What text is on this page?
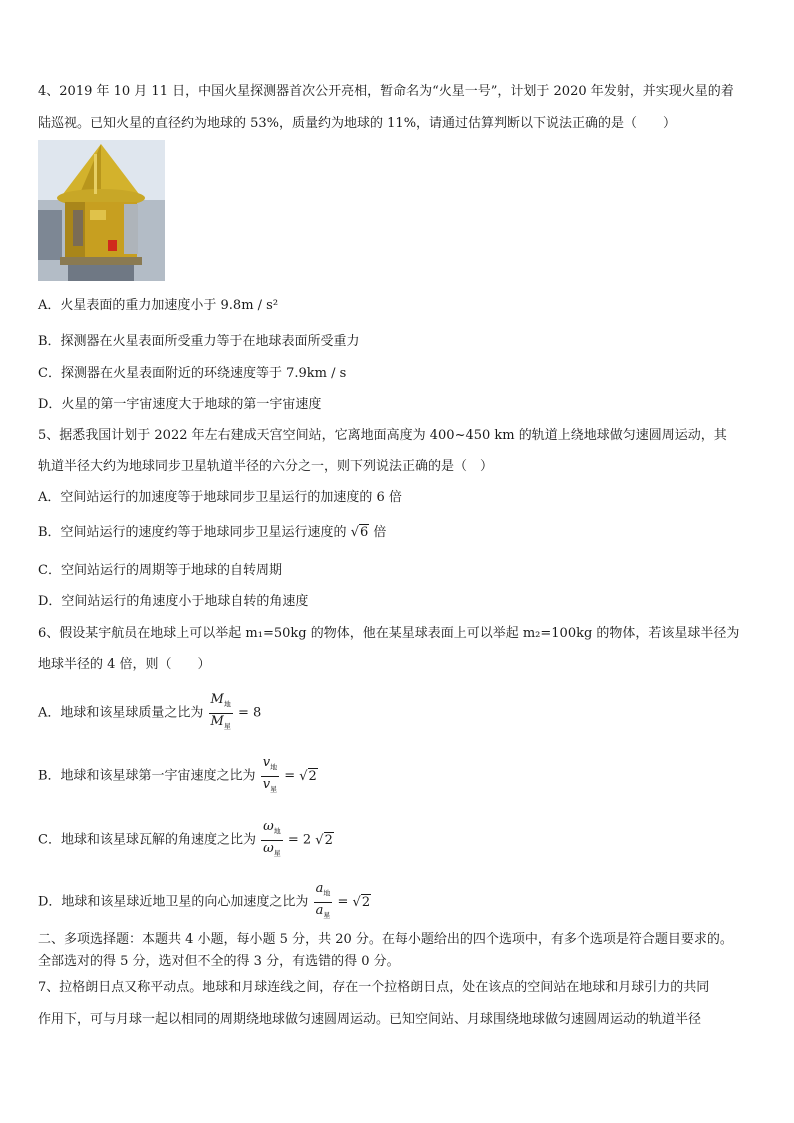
4、2019 年 10 月 11 日，中国火星探测器首次公开亮相，暂命名为“火星一号”，计划于 2020 年发射，并实现火星的着
陆巡视。已知火星的直径约为地球的 53%，质量约为地球的 11%，请通过估算判断以下说法正确的是（　　）
A．火星表面的重力加速度小于 9.8m / s²
B．探测器在火星表面所受重力等于在地球表面所受重力
C．探测器在火星表面附近的环绕速度等于 7.9km / s
D．火星的第一宇宙速度大于地球的第一宇宙速度
5、据悉我国计划于 2022 年左右建成天宫空间站，它离地面高度为 400~450 km 的轨道上绕地球做匀速圆周运动，其
轨道半径大约为地球同步卫星轨道半径的六分之一，则下列说法正确的是（　）
A．空间站运行的加速度等于地球同步卫星运行的加速度的 6 倍
B．空间站运行的速度约等于地球同步卫星运行速度的 √6 倍
C．空间站运行的周期等于地球的自转周期
D．空间站运行的角速度小于地球自转的角速度
6、假设某宇航员在地球上可以举起 m₁=50kg 的物体，他在某星球表面上可以举起 m₂=100kg 的物体，若该星球半径为
地球半径的 4 倍，则（　　）
A．地球和该星球质量之比为 $\frac{M_地}{M_星} = 8$
B．地球和该星球第一宇宙速度之比为 $\frac{v_地}{v_星} = √2$
C．地球和该星球瓦解的角速度之比为 $\frac{\omega_地}{\omega_星} = 2$ √2
D．地球和该星球近地卫星的向心加速度之比为 $\frac{a_地}{a_星} = √2$
二、多项选择题：本题共 4 小题，每小题 5 分，共 20 分。在每小题给出的四个选项中，有多个选项是符合题目要求的。
全部选对的得 5 分，选对但不全的得 3 分，有选错的得 0 分。
7、拉格朗日点又称平动点。地球和月球连线之间，存在一个拉格朗日点，处在该点的空间站在地球和月球引力的共同
作用下，可与月球一起以相同的周期绕地球做匀速圆周运动。已知空间站、月球围绕地球做匀速圆周运动的轨道半径
